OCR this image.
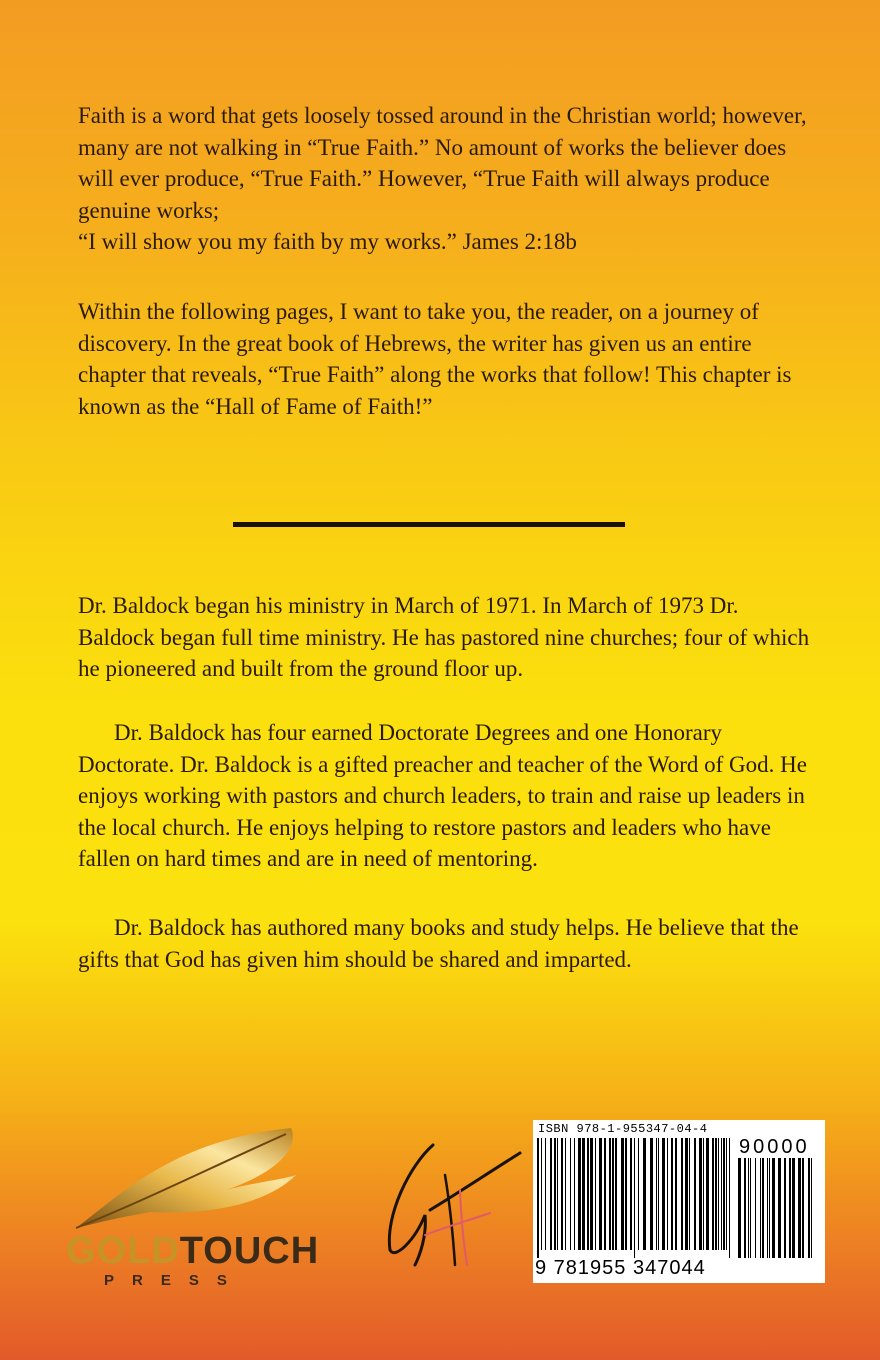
Faith is a word that gets loosely tossed around in the Christian world; however, many are not walking in “True Faith.” No amount of works the believer does will ever produce, “True Faith.” However, “True Faith will always produce genuine works;

“I will show you my faith by my works.” James 2:18b

Within the following pages, I want to take you, the reader, on a journey of discovery. In the great book of Hebrews, the writer has given us an entire chapter that reveals, “True Faith” along the works that follow! This chapter is known as the “Hall of Fame of Faith!”

Dr. Baldock began his ministry in March of 1971. In March of 1973 Dr. Baldock began full time ministry. He has pastored nine churches; four of which he pioneered and built from the ground floor up.

Dr. Baldock has four earned Doctorate Degrees and one Honorary Doctorate. Dr. Baldock is a gifted preacher and teacher of the Word of God. He enjoys working with pastors and church leaders, to train and raise up leaders in the local church. He enjoys helping to restore pastors and leaders who have fallen on hard times and are in need of mentoring.

Dr. Baldock has authored many books and study helps. He believe that the gifts that God has given him should be shared and imparted.

GOLDTOUCH
PRESS
ISBN 978-1-955347-04-4
90000
9 781955 347044
